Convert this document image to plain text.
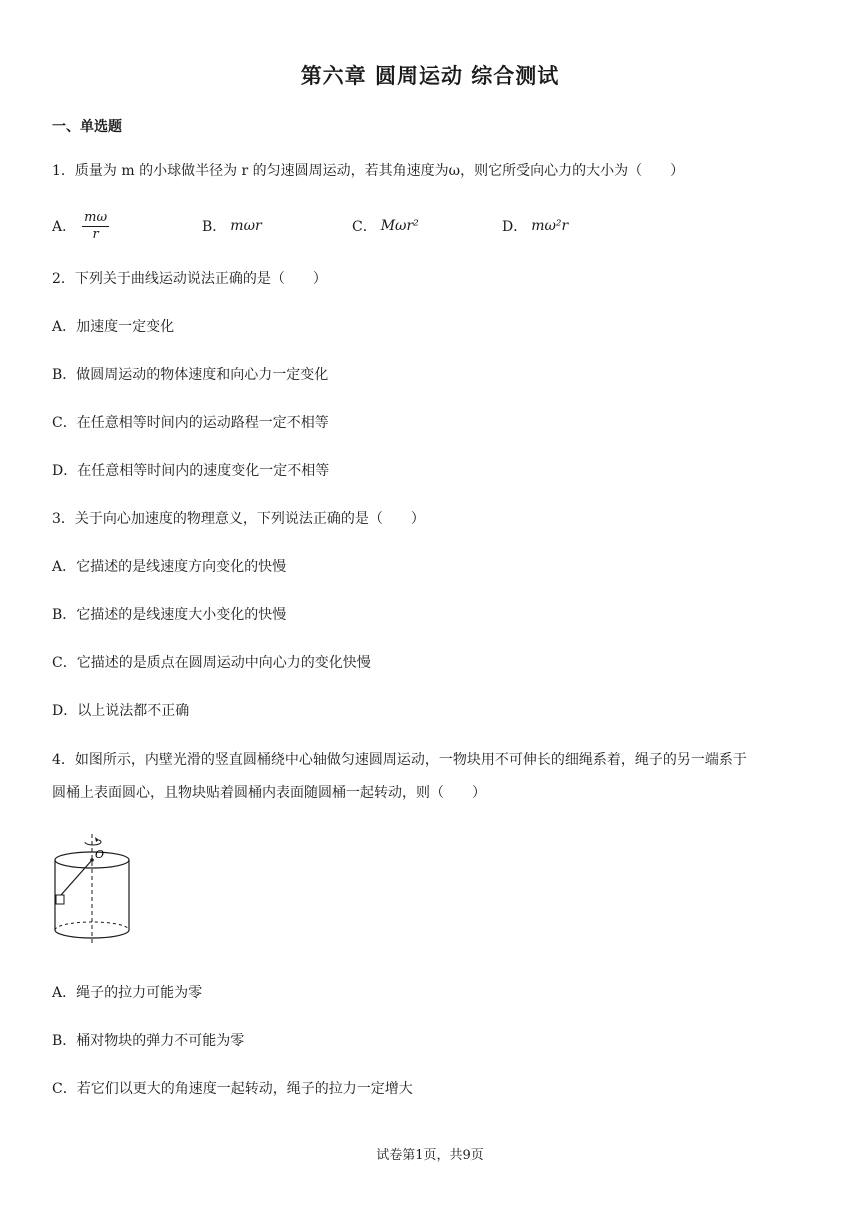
第六章 圆周运动 综合测试
一、单选题
1．质量为 m 的小球做半径为 r 的匀速圆周运动，若其角速度为ω，则它所受向心力的大小为（　　）
A． $\frac{m\omega}{r}$	B． mωr	C． Mωr²	D． mω²r
2．下列关于曲线运动说法正确的是（　　）
A．加速度一定变化
B．做圆周运动的物体速度和向心力一定变化
C．在任意相等时间内的运动路程一定不相等
D．在任意相等时间内的速度变化一定不相等
3．关于向心加速度的物理意义，下列说法正确的是（　　）
A．它描述的是线速度方向变化的快慢
B．它描述的是线速度大小变化的快慢
C．它描述的是质点在圆周运动中向心力的变化快慢
D．以上说法都不正确
4．如图所示，内壁光滑的竖直圆桶绕中心轴做匀速圆周运动，一物块用不可伸长的细绳系着，绳子的另一端系于
圆桶上表面圆心，且物块贴着圆桶内表面随圆桶一起转动，则（　　）
O
A．绳子的拉力可能为零
B．桶对物块的弹力不可能为零
C．若它们以更大的角速度一起转动，绳子的拉力一定增大
试卷第1页，共9页
